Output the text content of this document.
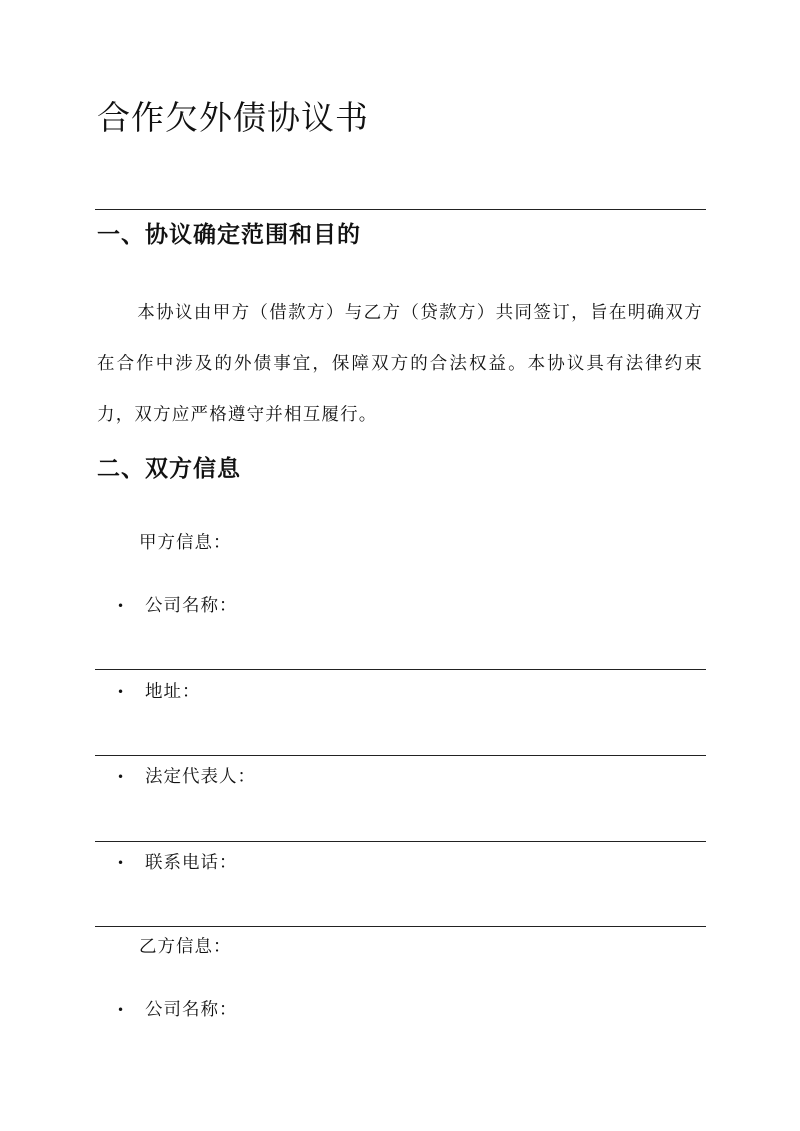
合作欠外债协议书
一、协议确定范围和目的

本协议由甲方（借款方）与乙方（贷款方）共同签订，旨在明确双方在合作中涉及的外债事宜，保障双方的合法权益。本协议具有法律约束力，双方应严格遵守并相互履行。

二、双方信息

甲方信息：

• 公司名称：
• 地址：
• 法定代表人：
• 联系电话：

乙方信息：

• 公司名称：
